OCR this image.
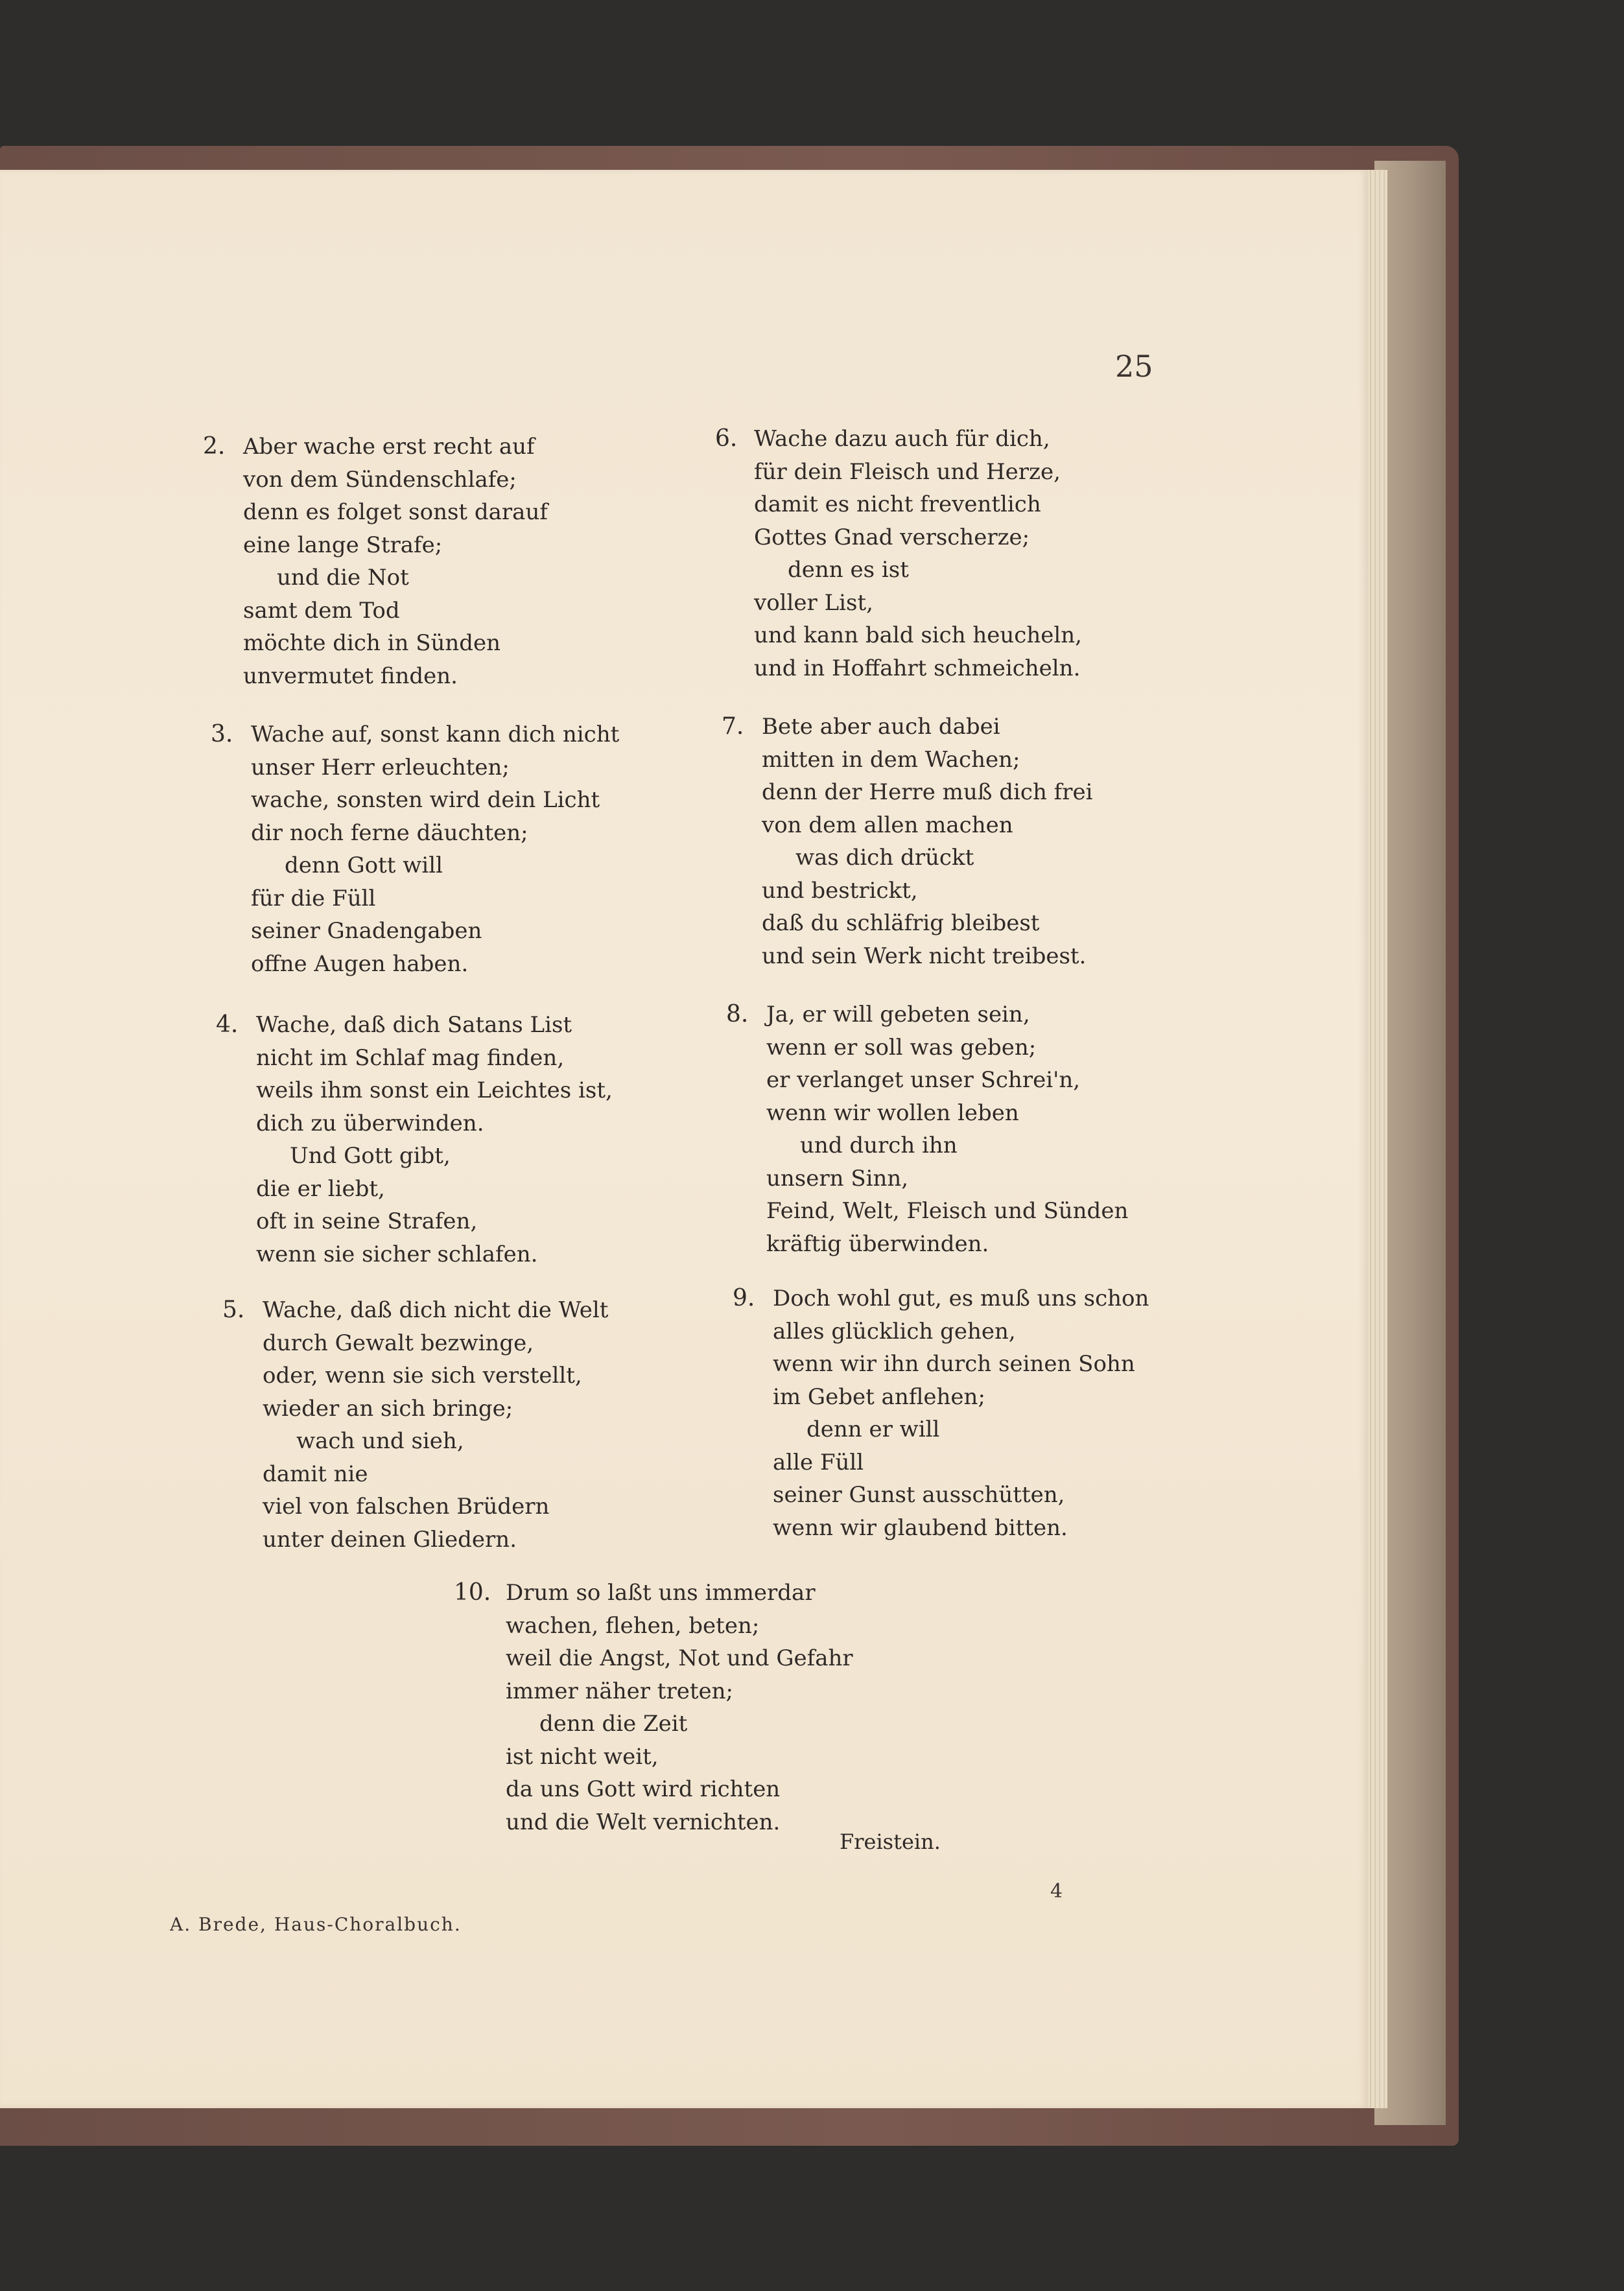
25
2. Aber wache erst recht auf
von dem Sündenschlafe;
denn es folget sonst darauf
eine lange Strafe;
und die Not
samt dem Tod
möchte dich in Sünden
unvermutet finden.
3. Wache auf, sonst kann dich nicht
unser Herr erleuchten;
wache, sonsten wird dein Licht
dir noch ferne däuchten;
denn Gott will
für die Füll
seiner Gnadengaben
offne Augen haben.
4. Wache, daß dich Satans List
nicht im Schlaf mag finden,
weils ihm sonst ein Leichtes ist,
dich zu überwinden.
Und Gott gibt,
die er liebt,
oft in seine Strafen,
wenn sie sicher schlafen.
5. Wache, daß dich nicht die Welt
durch Gewalt bezwinge,
oder, wenn sie sich verstellt,
wieder an sich bringe;
wach und sieh,
damit nie
viel von falschen Brüdern
unter deinen Gliedern.
6. Wache dazu auch für dich,
für dein Fleisch und Herze,
damit es nicht freventlich
Gottes Gnad verscherze;
denn es ist
voller List,
und kann bald sich heucheln,
und in Hoffahrt schmeicheln.
7. Bete aber auch dabei
mitten in dem Wachen;
denn der Herre muß dich frei
von dem allen machen
was dich drückt
und bestrickt,
daß du schläfrig bleibest
und sein Werk nicht treibest.
8. Ja, er will gebeten sein,
wenn er soll was geben;
er verlanget unser Schrei'n,
wenn wir wollen leben
und durch ihn
unsern Sinn,
Feind, Welt, Fleisch und Sünden
kräftig überwinden.
9. Doch wohl gut, es muß uns schon
alles glücklich gehen,
wenn wir ihn durch seinen Sohn
im Gebet anflehen;
denn er will
alle Füll
seiner Gunst ausschütten,
wenn wir glaubend bitten.
10. Drum so laßt uns immerdar
wachen, flehen, beten;
weil die Angst, Not und Gefahr
immer näher treten;
denn die Zeit
ist nicht weit,
da uns Gott wird richten
und die Welt vernichten.
Freistein.
A. Brede, Haus-Choralbuch.
4
